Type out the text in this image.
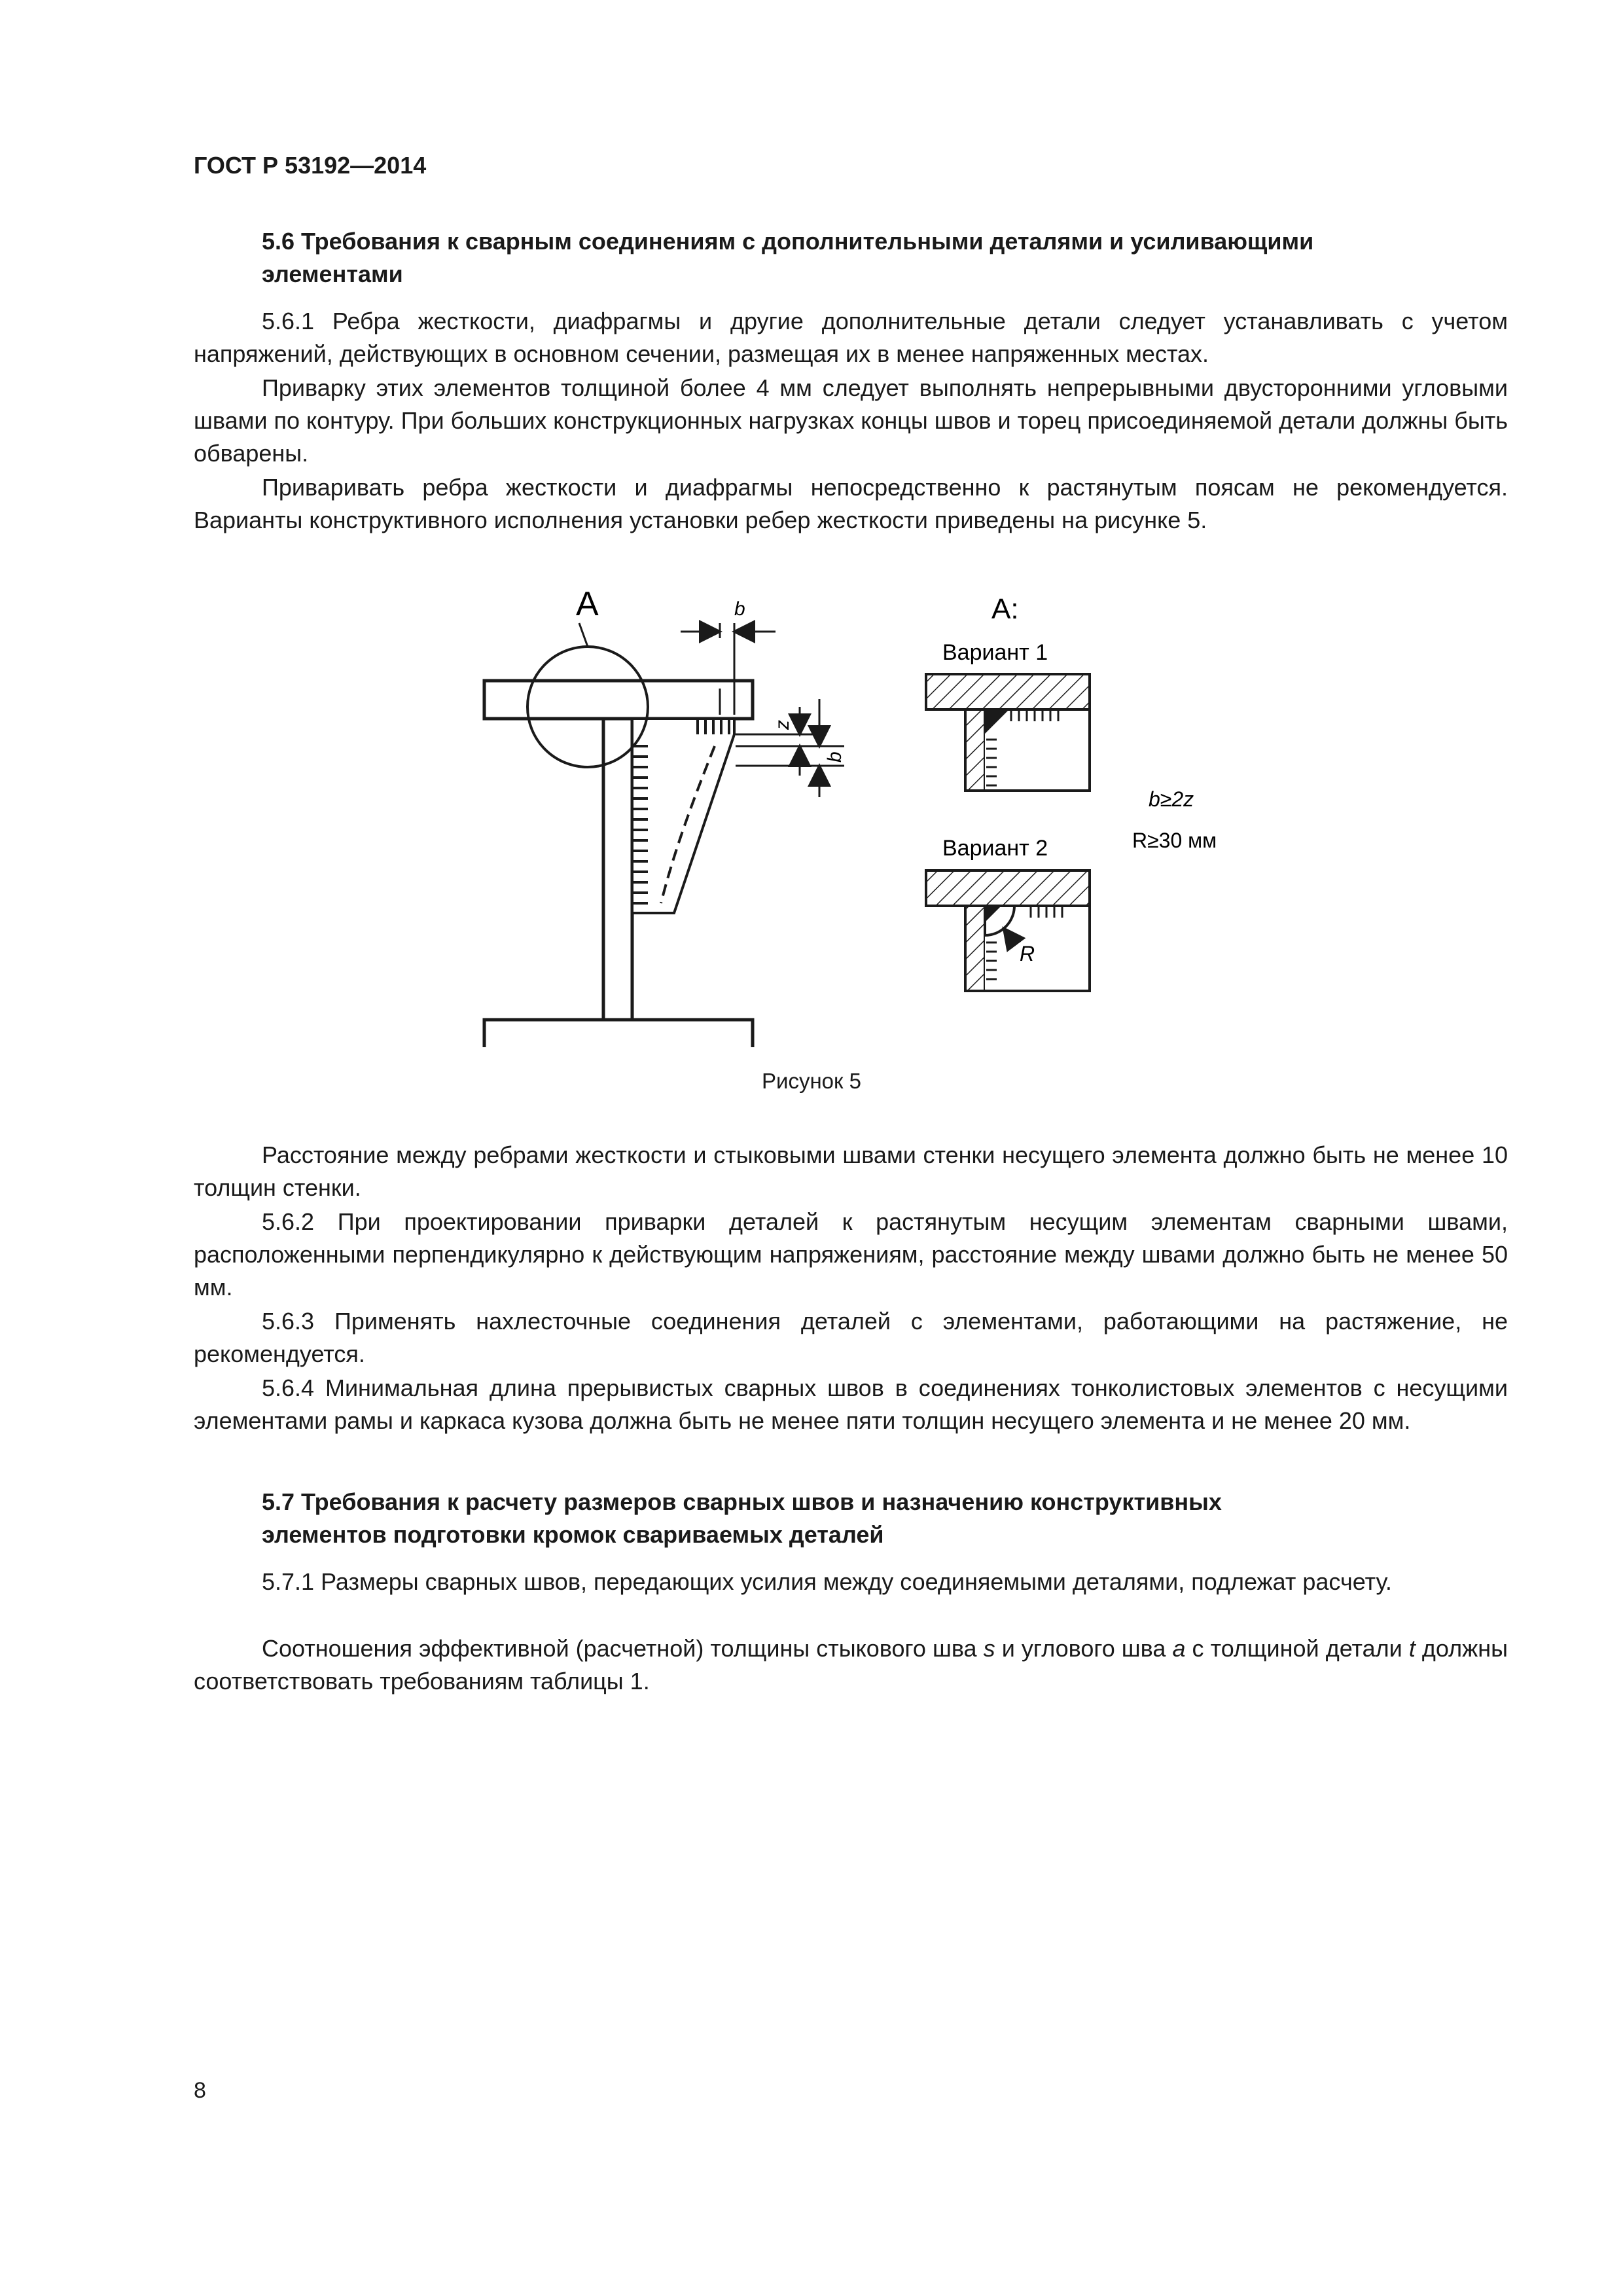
ГОСТ Р 53192—2014
5.6 Требования к сварным соединениям с дополнительными деталями и усиливающими
элементами

5.6.1 Ребра жесткости, диафрагмы и другие дополнительные детали следует устанавливать с учетом напряжений, действующих в основном сечении, размещая их в менее напряженных местах.

Приварку этих элементов толщиной более 4 мм следует выполнять непрерывными двусторонними угловыми швами по контуру. При больших конструкционных нагрузках концы швов и торец присоединяемой детали должны быть обварены.

Приваривать ребра жесткости и диафрагмы непосредственно к растянутым поясам не рекомендуется. Варианты конструктивного исполнения установки ребер жесткости приведены на рисунке 5.

A	b
z
b
A:
Вариант 1
b≥2z
R≥30 мм
Вариант 2
R
Рисунок 5

Расстояние между ребрами жесткости и стыковыми швами стенки несущего элемента должно быть не менее 10 толщин стенки.

5.6.2 При проектировании приварки деталей к растянутым несущим элементам сварными швами, расположенными перпендикулярно к действующим напряжениям, расстояние между швами должно быть не менее 50 мм.

5.6.3 Применять нахлесточные соединения деталей с элементами, работающими на растяжение, не рекомендуется.

5.6.4 Минимальная длина прерывистых сварных швов в соединениях тонколистовых элементов с несущими элементами рамы и каркаса кузова должна быть не менее пяти толщин несущего элемента и не менее 20 мм.

5.7 Требования к расчету размеров сварных швов и назначению конструктивных
элементов подготовки кромок свариваемых деталей

5.7.1 Размеры сварных швов, передающих усилия между соединяемыми деталями, подлежат расчету.

Соотношения эффективной (расчетной) толщины стыкового шва s и углового шва a с толщиной детали t должны соответствовать требованиям таблицы 1.

8
